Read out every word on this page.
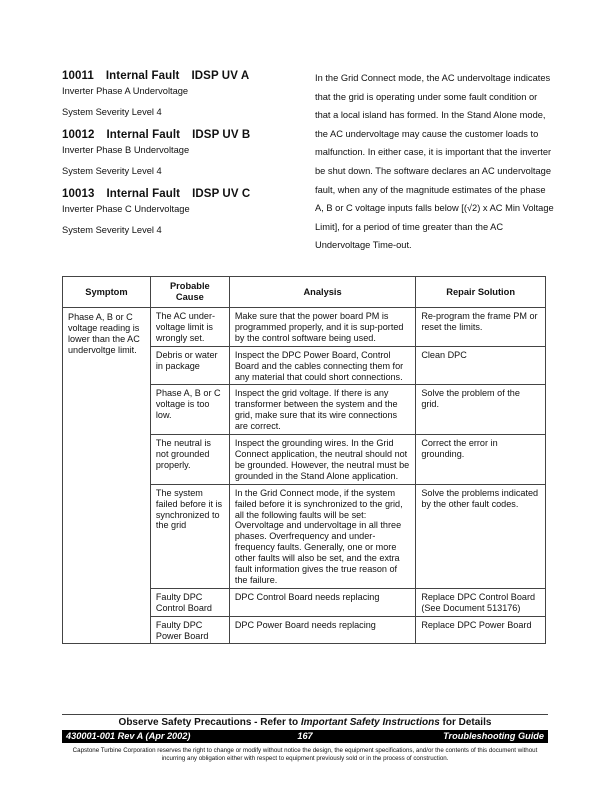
10011 Internal Fault IDSP UV A
Inverter Phase A Undervoltage
System Severity Level 4
10012 Internal Fault IDSP UV B
Inverter Phase B Undervoltage
System Severity Level 4
10013 Internal Fault IDSP UV C
Inverter Phase C Undervoltage
System Severity Level 4
In the Grid Connect mode, the AC undervoltage indicates that the grid is operating under some fault condition or that a local island has formed. In the Stand Alone mode, the AC undervoltage may cause the customer loads to malfunction. In either case, it is important that the inverter be shut down. The software declares an AC undervoltage fault, when any of the magnitude estimates of the phase A, B or C voltage inputs falls below [(√2) x AC Min Voltage Limit], for a period of time greater than the AC Undervoltage Time-out.
Symptom	Probable Cause	Analysis	Repair Solution
Phase A, B or C voltage reading is lower than the AC undervoltge limit.	The AC under-voltage limit is wrongly set.	Make sure that the power board PM is programmed properly, and it is sup-ported by the control software being used.	Re-program the frame PM or reset the limits.
	Debris or water in package	Inspect the DPC Power Board, Control Board and the cables connecting them for any material that could short connections.	Clean DPC
	Phase A, B or C voltage is too low.	Inspect the grid voltage. If there is any transformer between the system and the grid, make sure that its wire connections are correct.	Solve the problem of the grid.
	The neutral is not grounded properly.	Inspect the grounding wires. In the Grid Connect application, the neutral should not be grounded. However, the neutral must be grounded in the Stand Alone application.	Correct the error in grounding.
	The system failed before it is synchronized to the grid	In the Grid Connect mode, if the system failed before it is synchronized to the grid, all the following faults will be set: Overvoltage and undervoltage in all three phases. Overfrequency and under-frequency faults. Generally, one or more other faults will also be set, and the extra fault information gives the true reason of the failure.	Solve the problems indicated by the other fault codes.
	Faulty DPC Control Board	DPC Control Board needs replacing	Replace DPC Control Board (See Document 513176)
	Faulty DPC Power Board	DPC Power Board needs replacing	Replace DPC Power Board
Observe Safety Precautions - Refer to Important Safety Instructions for Details
430001-001 Rev A (Apr 2002)	167	Troubleshooting Guide
Capstone Turbine Corporation reserves the right to change or modify without notice the design, the equipment specifications, and/or the contents of this document without incurring any obligation either with respect to equipment previously sold or in the process of construction.
